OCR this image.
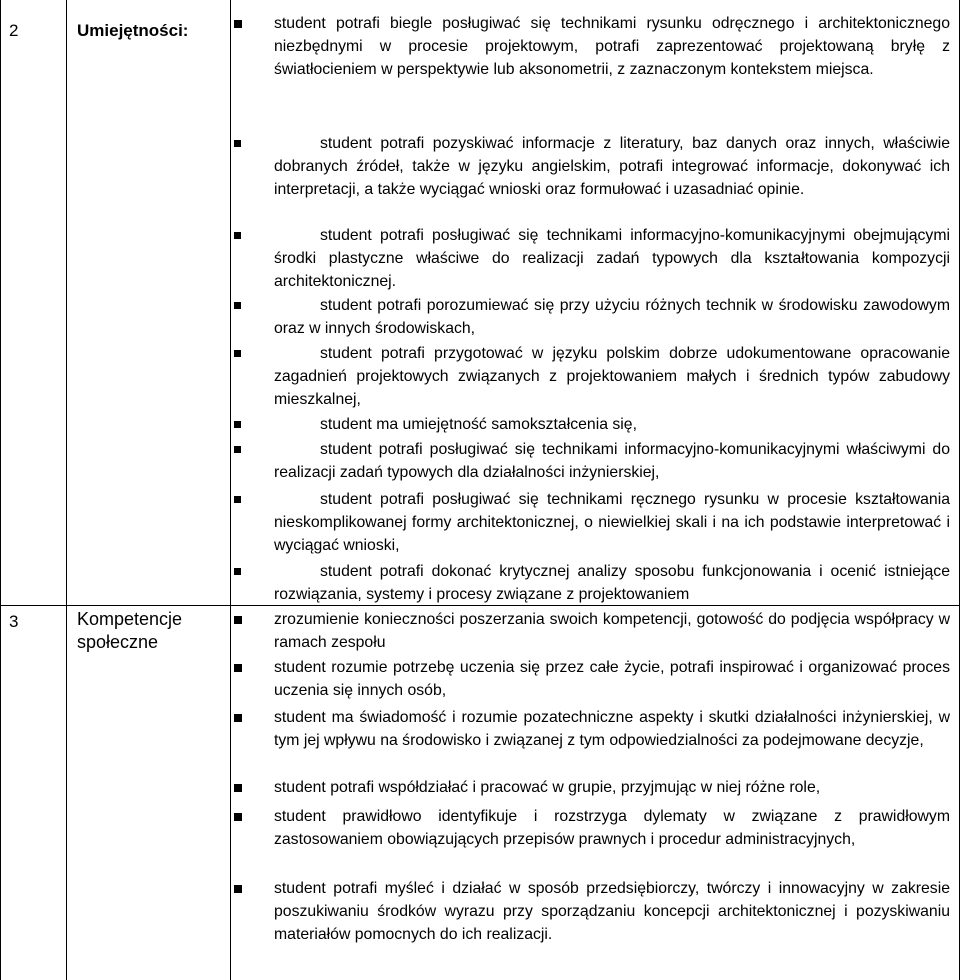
2	Umiejętności:	student potrafi biegle posługiwać się technikami rysunku odręcznego i architektonicznego niezbędnymi w procesie projektowym, potrafi zaprezentować projektowaną bryłę z światłocieniem w perspektywie lub aksonometrii, z zaznaczonym kontekstem miejsca.
student potrafi pozyskiwać informacje z literatury, baz danych oraz innych, właściwie dobranych źródeł, także w języku angielskim, potrafi integrować informacje, dokonywać ich interpretacji, a także wyciągać wnioski oraz formułować i uzasadniać opinie.
student potrafi posługiwać się technikami informacyjno-komunikacyjnymi obejmującymi środki plastyczne właściwe do realizacji zadań typowych dla kształtowania kompozycji architektonicznej.
student potrafi porozumiewać się przy użyciu różnych technik w środowisku zawodowym oraz w innych środowiskach,
student potrafi przygotować w języku polskim dobrze udokumentowane opracowanie zagadnień projektowych związanych z projektowaniem małych i średnich typów zabudowy mieszkalnej,
student ma umiejętność samokształcenia się,
student potrafi posługiwać się technikami informacyjno-komunikacyjnymi właściwymi do realizacji zadań typowych dla działalności inżynierskiej,
student potrafi posługiwać się technikami ręcznego rysunku w procesie kształtowania nieskomplikowanej formy architektonicznej, o niewielkiej skali i na ich podstawie interpretować i wyciągać wnioski,
student potrafi dokonać krytycznej analizy sposobu funkcjonowania i ocenić istniejące rozwiązania, systemy i procesy związane z projektowaniem
3	Kompetencje społeczne
zrozumienie konieczności poszerzania swoich kompetencji, gotowość do podjęcia współpracy w ramach zespołu
student rozumie potrzebę uczenia się przez całe życie, potrafi inspirować i organizować proces uczenia się innych osób,
student ma świadomość i rozumie pozatechniczne aspekty i skutki działalności inżynierskiej, w tym jej wpływu na środowisko i związanej z tym odpowiedzialności za podejmowane decyzje,
student potrafi współdziałać i pracować w grupie, przyjmując w niej różne role,
student prawidłowo identyfikuje i rozstrzyga dylematy w związane z prawidłowym zastosowaniem obowiązujących przepisów prawnych i procedur administracyjnych,
student potrafi myśleć i działać w sposób przedsiębiorczy, twórczy i innowacyjny w zakresie poszukiwaniu środków wyrazu przy sporządzaniu koncepcji architektonicznej i pozyskiwaniu materiałów pomocnych do ich realizacji.
